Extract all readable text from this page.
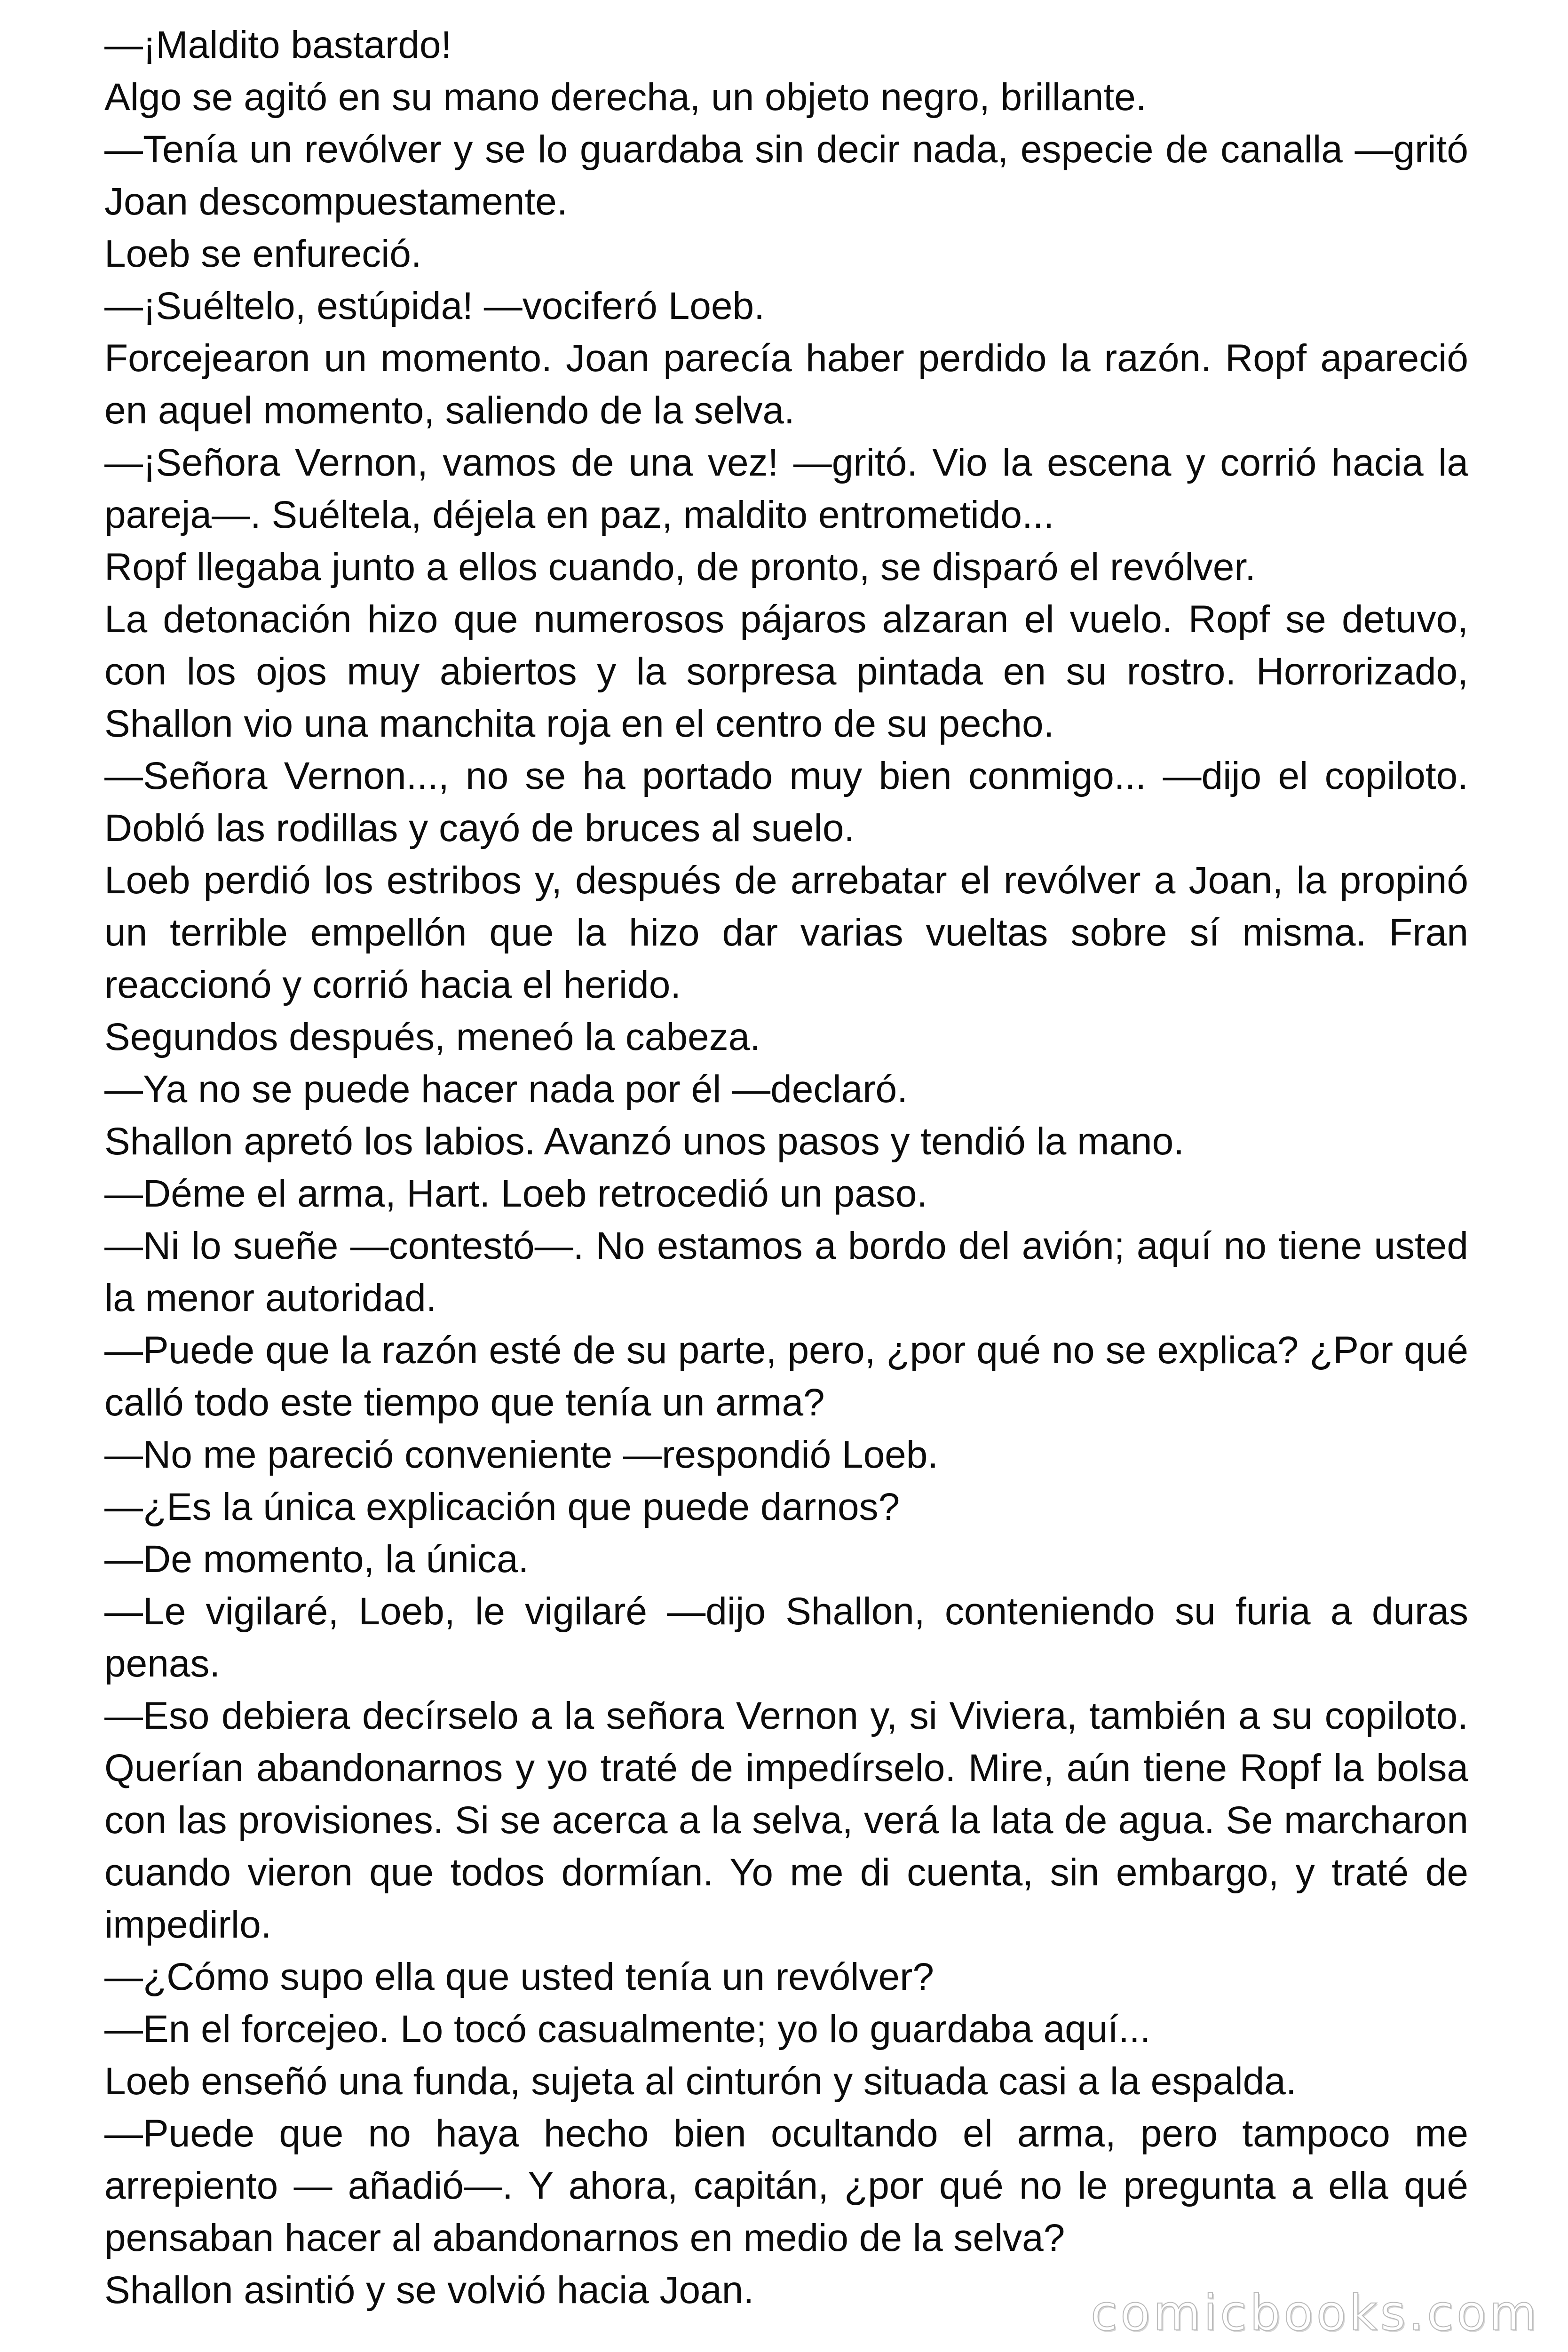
—¡Maldito bastardo!

Algo se agitó en su mano derecha, un objeto negro, brillante.

—Tenía un revólver y se lo guardaba sin decir nada, especie de canalla —gritó Joan descompuestamente.

Loeb se enfureció.

—¡Suéltelo, estúpida! —vociferó Loeb.

Forcejearon un momento. Joan parecía haber perdido la razón. Ropf apareció en aquel momento, saliendo de la selva.

—¡Señora Vernon, vamos de una vez! —gritó. Vio la escena y corrió hacia la pareja—. Suéltela, déjela en paz, maldito entrometido...

Ropf llegaba junto a ellos cuando, de pronto, se disparó el revólver.

La detonación hizo que numerosos pájaros alzaran el vuelo. Ropf se detuvo, con los ojos muy abiertos y la sorpresa pintada en su rostro. Horrorizado, Shallon vio una manchita roja en el centro de su pecho.

—Señora Vernon..., no se ha portado muy bien conmigo... —dijo el copiloto. Dobló las rodillas y cayó de bruces al suelo.

Loeb perdió los estribos y, después de arrebatar el revólver a Joan, la propinó un terrible empellón que la hizo dar varias vueltas sobre sí misma. Fran reaccionó y corrió hacia el herido.

Segundos después, meneó la cabeza.

—Ya no se puede hacer nada por él —declaró.

Shallon apretó los labios. Avanzó unos pasos y tendió la mano.

—Déme el arma, Hart. Loeb retrocedió un paso.

—Ni lo sueñe —contestó—. No estamos a bordo del avión; aquí no tiene usted la menor autoridad.

—Puede que la razón esté de su parte, pero, ¿por qué no se explica? ¿Por qué calló todo este tiempo que tenía un arma?

—No me pareció conveniente —respondió Loeb.

—¿Es la única explicación que puede darnos?

—De momento, la única.

—Le vigilaré, Loeb, le vigilaré —dijo Shallon, conteniendo su furia a duras penas.

—Eso debiera decírselo a la señora Vernon y, si Viviera, también a su copiloto. Querían abandonarnos y yo traté de impedírselo. Mire, aún tiene Ropf la bolsa con las provisiones. Si se acerca a la selva, verá la lata de agua. Se marcharon cuando vieron que todos dormían. Yo me di cuenta, sin embargo, y traté de impedirlo.

—¿Cómo supo ella que usted tenía un revólver?

—En el forcejeo. Lo tocó casualmente; yo lo guardaba aquí...

Loeb enseñó una funda, sujeta al cinturón y situada casi a la espalda.

—Puede que no haya hecho bien ocultando el arma, pero tampoco me arrepiento — añadió—. Y ahora, capitán, ¿por qué no le pregunta a ella qué pensaban hacer al abandonarnos en medio de la selva?

Shallon asintió y se volvió hacia Joan.	comicbooks.com
